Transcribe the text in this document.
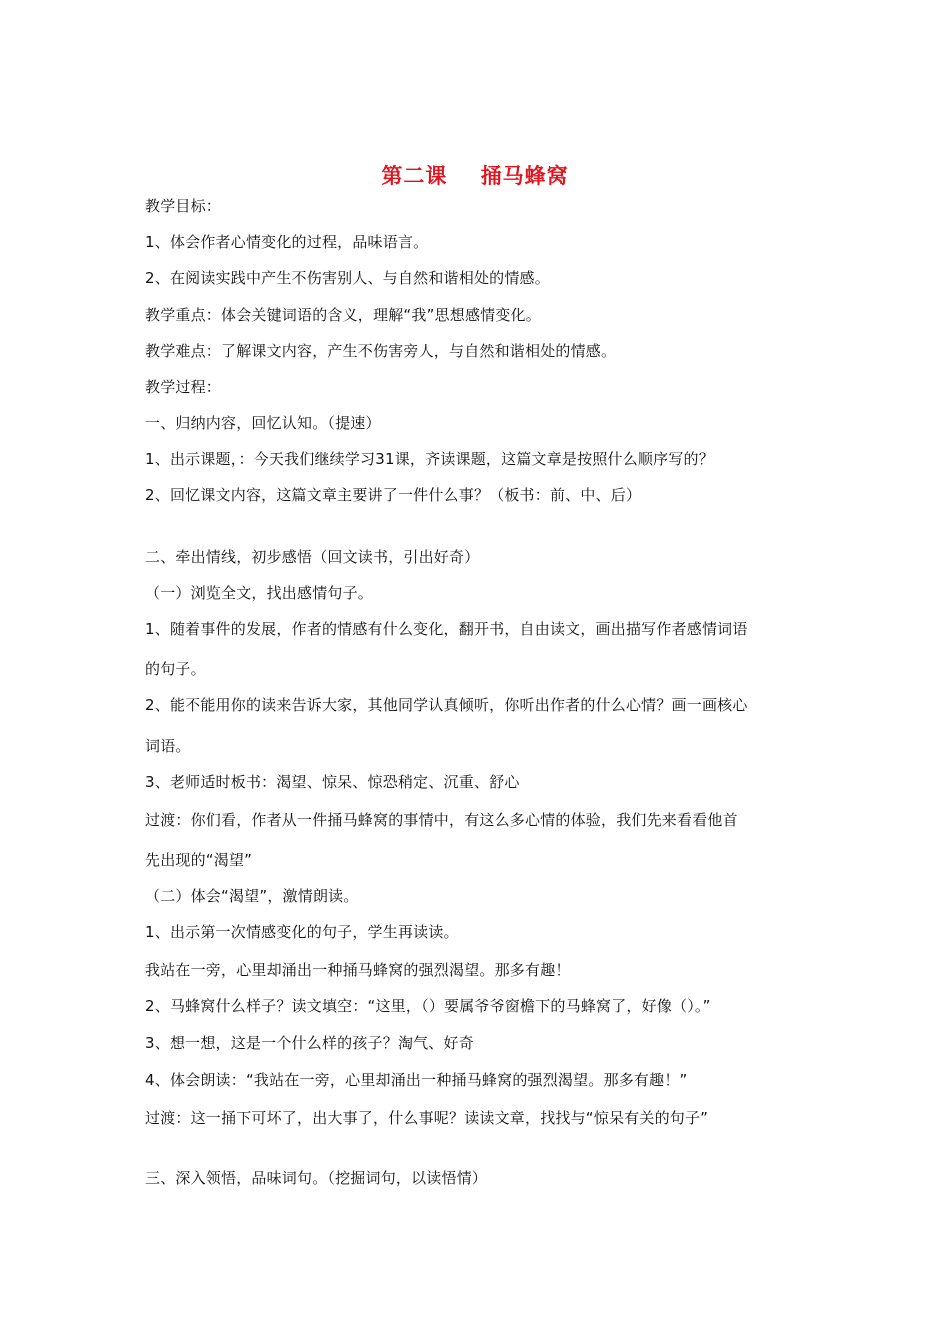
第二课    捅马蜂窝
教学目标：
1、体会作者心情变化的过程，品味语言。
2、在阅读实践中产生不伤害别人、与自然和谐相处的情感。
教学重点：体会关键词语的含义，理解“我”思想感情变化。
教学难点：了解课文内容，产生不伤害旁人，与自然和谐相处的情感。
教学过程：
一、归纳内容，回忆认知。（提速）
1、出示课题，：今天我们继续学习31课，齐读课题，这篇文章是按照什么顺序写的？
2、回忆课文内容，这篇文章主要讲了一件什么事？（板书：前、中、后）
二、牵出情线，初步感悟（回文读书，引出好奇）
（一）浏览全文，找出感情句子。
1、随着事件的发展，作者的情感有什么变化，翻开书，自由读文，画出描写作者感情词语
的句子。
2、能不能用你的读来告诉大家，其他同学认真倾听，你听出作者的什么心情？画一画核心
词语。
3、老师适时板书：渴望、惊呆、惊恐稍定、沉重、舒心
过渡：你们看，作者从一件捅马蜂窝的事情中，有这么多心情的体验，我们先来看看他首
先出现的“渴望”
（二）体会“渴望”，激情朗读。
1、出示第一次情感变化的句子，学生再读读。
我站在一旁，心里却涌出一种捅马蜂窝的强烈渴望。那多有趣！
2、马蜂窝什么样子？读文填空：“这里，（）要属爷爷窗檐下的马蜂窝了，好像（）。”
3、想一想，这是一个什么样的孩子？淘气、好奇
4、体会朗读：“我站在一旁，心里却涌出一种捅马蜂窝的强烈渴望。那多有趣！”
过渡：这一捅下可坏了，出大事了，什么事呢？读读文章，找找与“惊呆有关的句子”
三、深入领悟，品味词句。（挖掘词句，以读悟情）
